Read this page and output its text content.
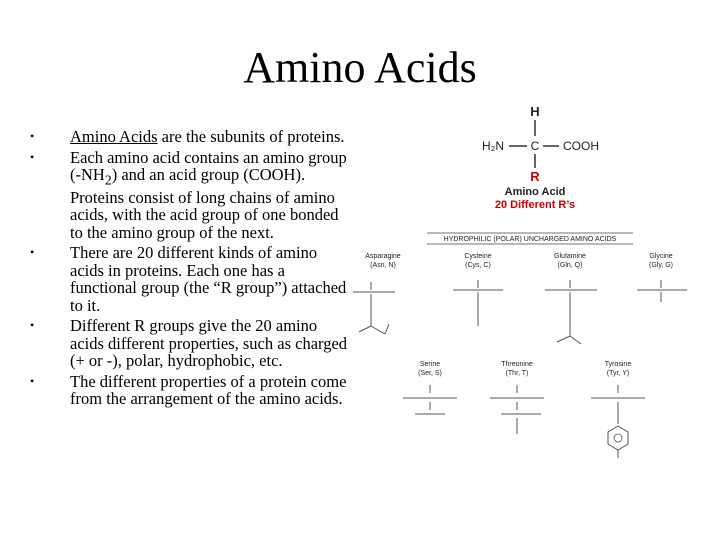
Amino Acids
• Amino Acids are the subunits of proteins.
• Each amino acid contains an amino group $(-NH_2)$ and an acid group (COOH). Proteins consist of long chains of amino acids, with the acid group of one bonded to the amino group of the next.
• There are 20 different kinds of amino acids in proteins. Each one has a functional group (the “R group”) attached to it.
• Different R groups give the 20 amino acids different properties, such as charged (+ or -), polar, hydrophobic, etc.
• The different properties of a protein come from the arrangement of the amino acids.
H
H₂N C COOH
R
Amino Acid
20 Different R’s
HYDROPHILIC (POLAR) UNCHARGED AMINO ACIDS
Asparagine
(Asn, N)
Cysteine
(Cys, C)
Glutamine
(Gln, Q)
Glycine
(Gly, G)
Serine
(Ser, S)
Threonine
(Thr, T)
Tyrosine
(Tyr, Y)
